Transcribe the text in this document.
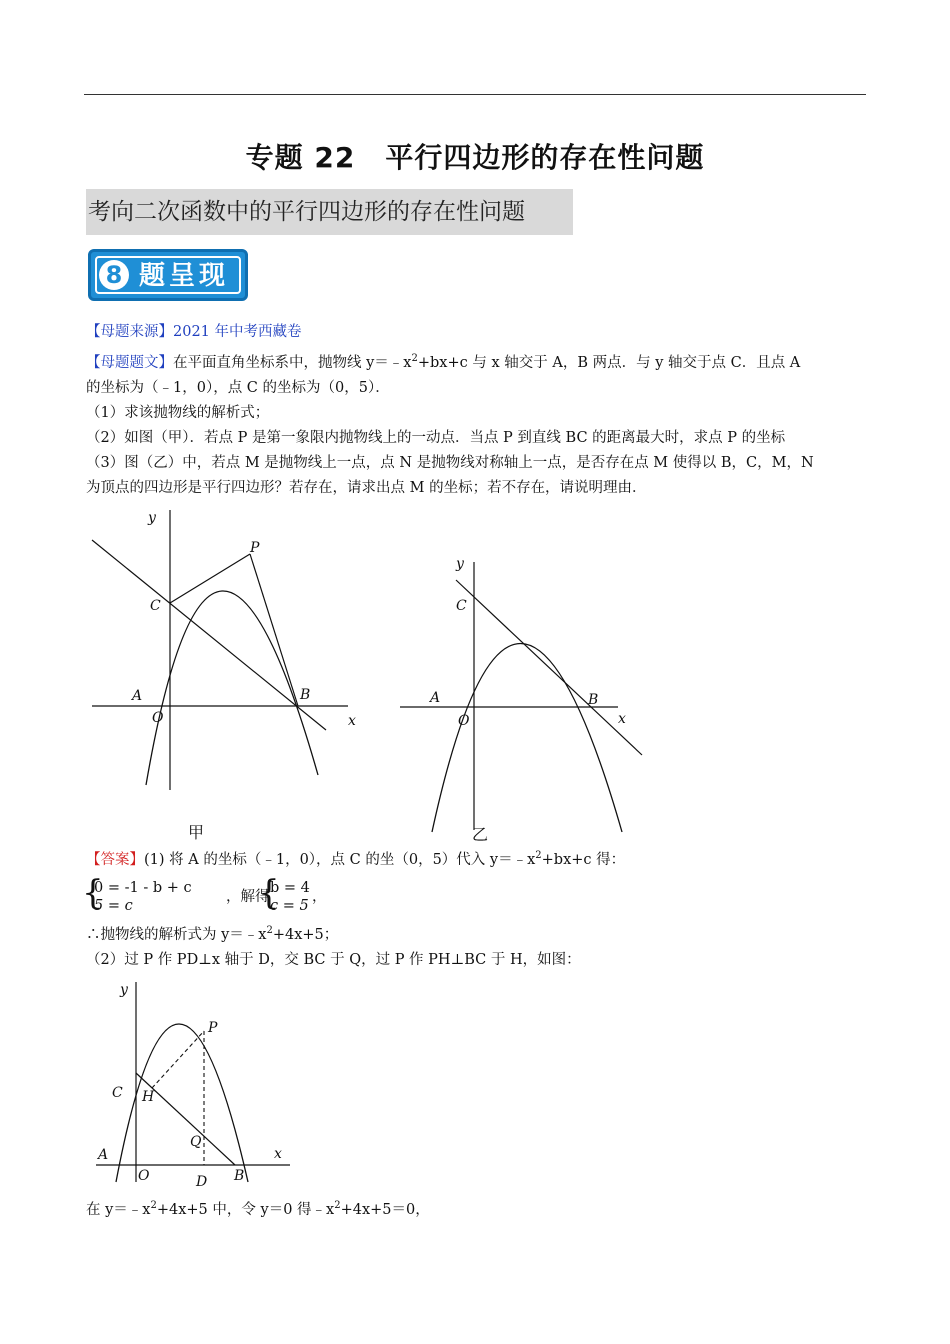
专题 22 平行四边形的存在性问题
考向二次函数中的平行四边形的存在性问题
8 题呈现
【母题来源】2021 年中考西藏卷
【母题题文】在平面直角坐标系中，抛物线 $y=﹣x^2+bx+c$ 与 x 轴交于 A，B 两点．与 y 轴交于点 C．且点 A
的坐标为（﹣1，0），点 C 的坐标为（0，5）．
（1）求该抛物线的解析式；
（2）如图（甲）．若点 P 是第一象限内抛物线上的一动点．当点 P 到直线 BC 的距离最大时，求点 P 的坐标
（3）图（乙）中，若点 M 是抛物线上一点，点 N 是抛物线对称轴上一点，是否存在点 M 使得以 B，C，M，N
为顶点的四边形是平行四边形？若存在，请求出点 M 的坐标；若不存在，请说明理由．
y
x
O
A	B
C
P
甲
y
x
O
A	B
C
乙
【答案】(1) 将 A 的坐标（﹣1，0），点 C 的坐（0，5）代入 $y=﹣x^2+bx+c$ 得：
{
0 = -1 - b + c
5 = c
，解得
{
b = 4
c = 5
，
∴抛物线的解析式为 $y=﹣x^2+4x+5$；
（2）过 P 作 PD⊥x 轴于 D，交 BC 于 Q，过 P 作 PH⊥BC 于 H，如图：
y
x
O
A
B
C
P
H
Q
D
在 $y=﹣x^2+4x+5$ 中，令 y＝0 得$﹣x^2+4x+5=0$，
